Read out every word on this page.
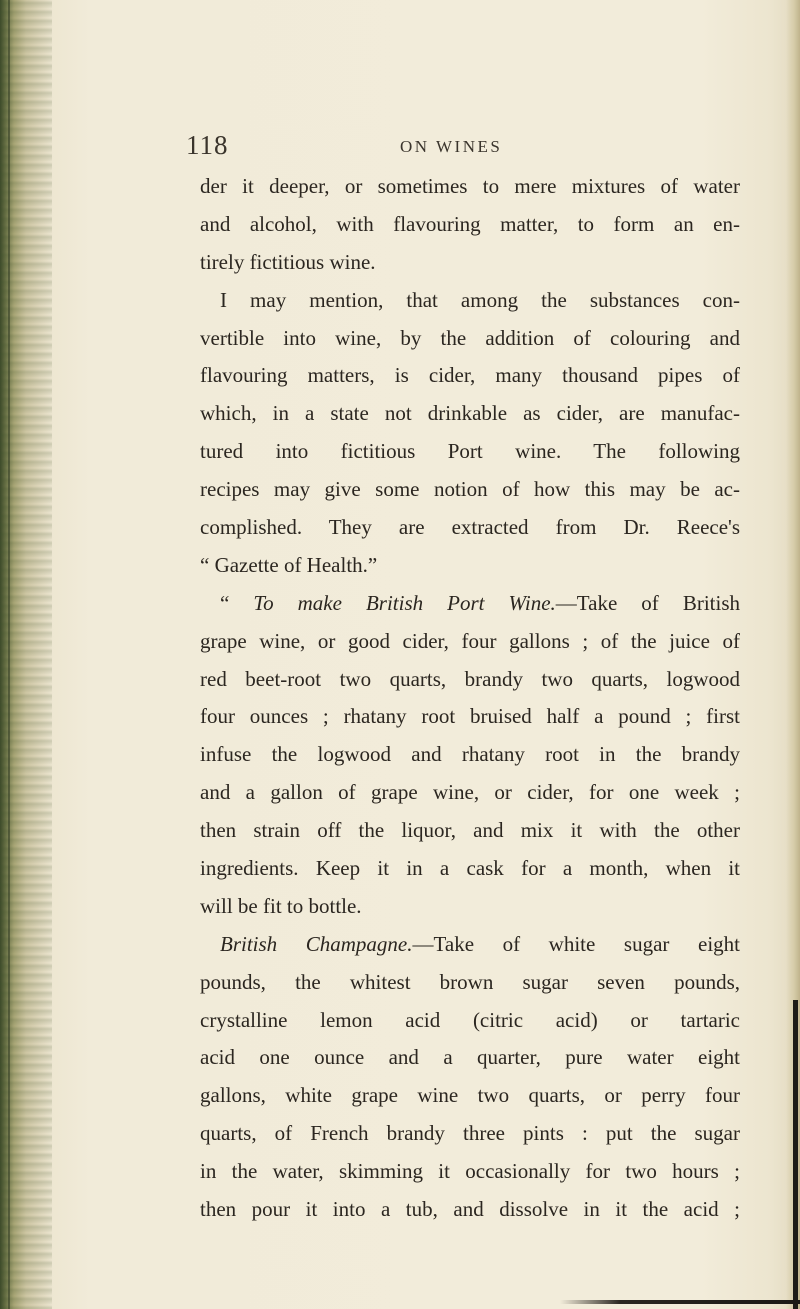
118	ON WINES
der it deeper, or sometimes to mere mixtures of water
and alcohol, with flavouring matter, to form an en-
tirely fictitious wine.
I may mention, that among the substances con-
vertible into wine, by the addition of colouring and
flavouring matters, is cider, many thousand pipes of
which, in a state not drinkable as cider, are manufac-
tured into fictitious Port wine. The following
recipes may give some notion of how this may be ac-
complished. They are extracted from Dr. Reece's
“ Gazette of Health.”
“ To make British Port Wine.—Take of British
grape wine, or good cider, four gallons ; of the juice of
red beet-root two quarts, brandy two quarts, logwood
four ounces ; rhatany root bruised half a pound ; first
infuse the logwood and rhatany root in the brandy
and a gallon of grape wine, or cider, for one week ;
then strain off the liquor, and mix it with the other
ingredients. Keep it in a cask for a month, when it
will be fit to bottle.
British Champagne.—Take of white sugar eight
pounds, the whitest brown sugar seven pounds,
crystalline lemon acid (citric acid) or tartaric
acid one ounce and a quarter, pure water eight
gallons, white grape wine two quarts, or perry four
quarts, of French brandy three pints : put the sugar
in the water, skimming it occasionally for two hours ;
then pour it into a tub, and dissolve in it the acid ;
